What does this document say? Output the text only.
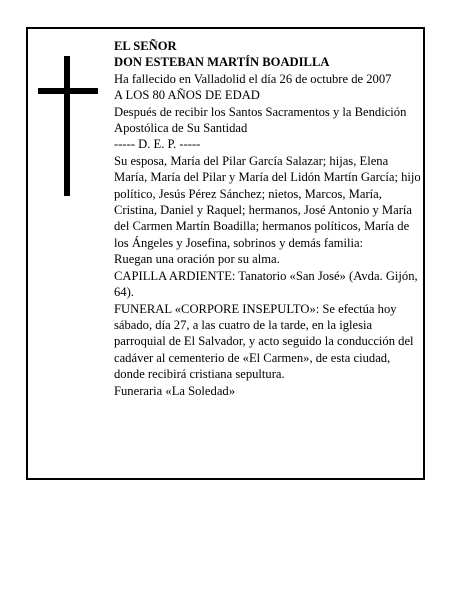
EL SEÑOR

DON ESTEBAN MARTÍN BOADILLA

Ha fallecido en Valladolid el día 26 de octubre de 2007

A LOS 80 AÑOS DE EDAD

Después de recibir los Santos Sacramentos y la Bendición Apostólica de Su Santidad

----- D. E. P. -----

Su esposa, María del Pilar García Salazar; hijas, Elena María, María del Pilar y María del Lidón Martín García; hijo político, Jesús Pérez Sánchez; nietos, Marcos, María, Cristina, Daniel y Raquel; hermanos, José Antonio y María del Carmen Martín Boadilla; hermanos políticos, María de los Ángeles y Josefina, sobrinos y demás familia:

Ruegan una oración por su alma.

CAPILLA ARDIENTE: Tanatorio «San José» (Avda. Gijón, 64).

FUNERAL «CORPORE INSEPULTO»: Se efectúa hoy sábado, día 27, a las cuatro de la tarde, en la iglesia parroquial de El Salvador, y acto seguido la conducción del cadáver al cementerio de «El Carmen», de esta ciudad, donde recibirá cristiana sepultura.

Funeraria «La Soledad»
